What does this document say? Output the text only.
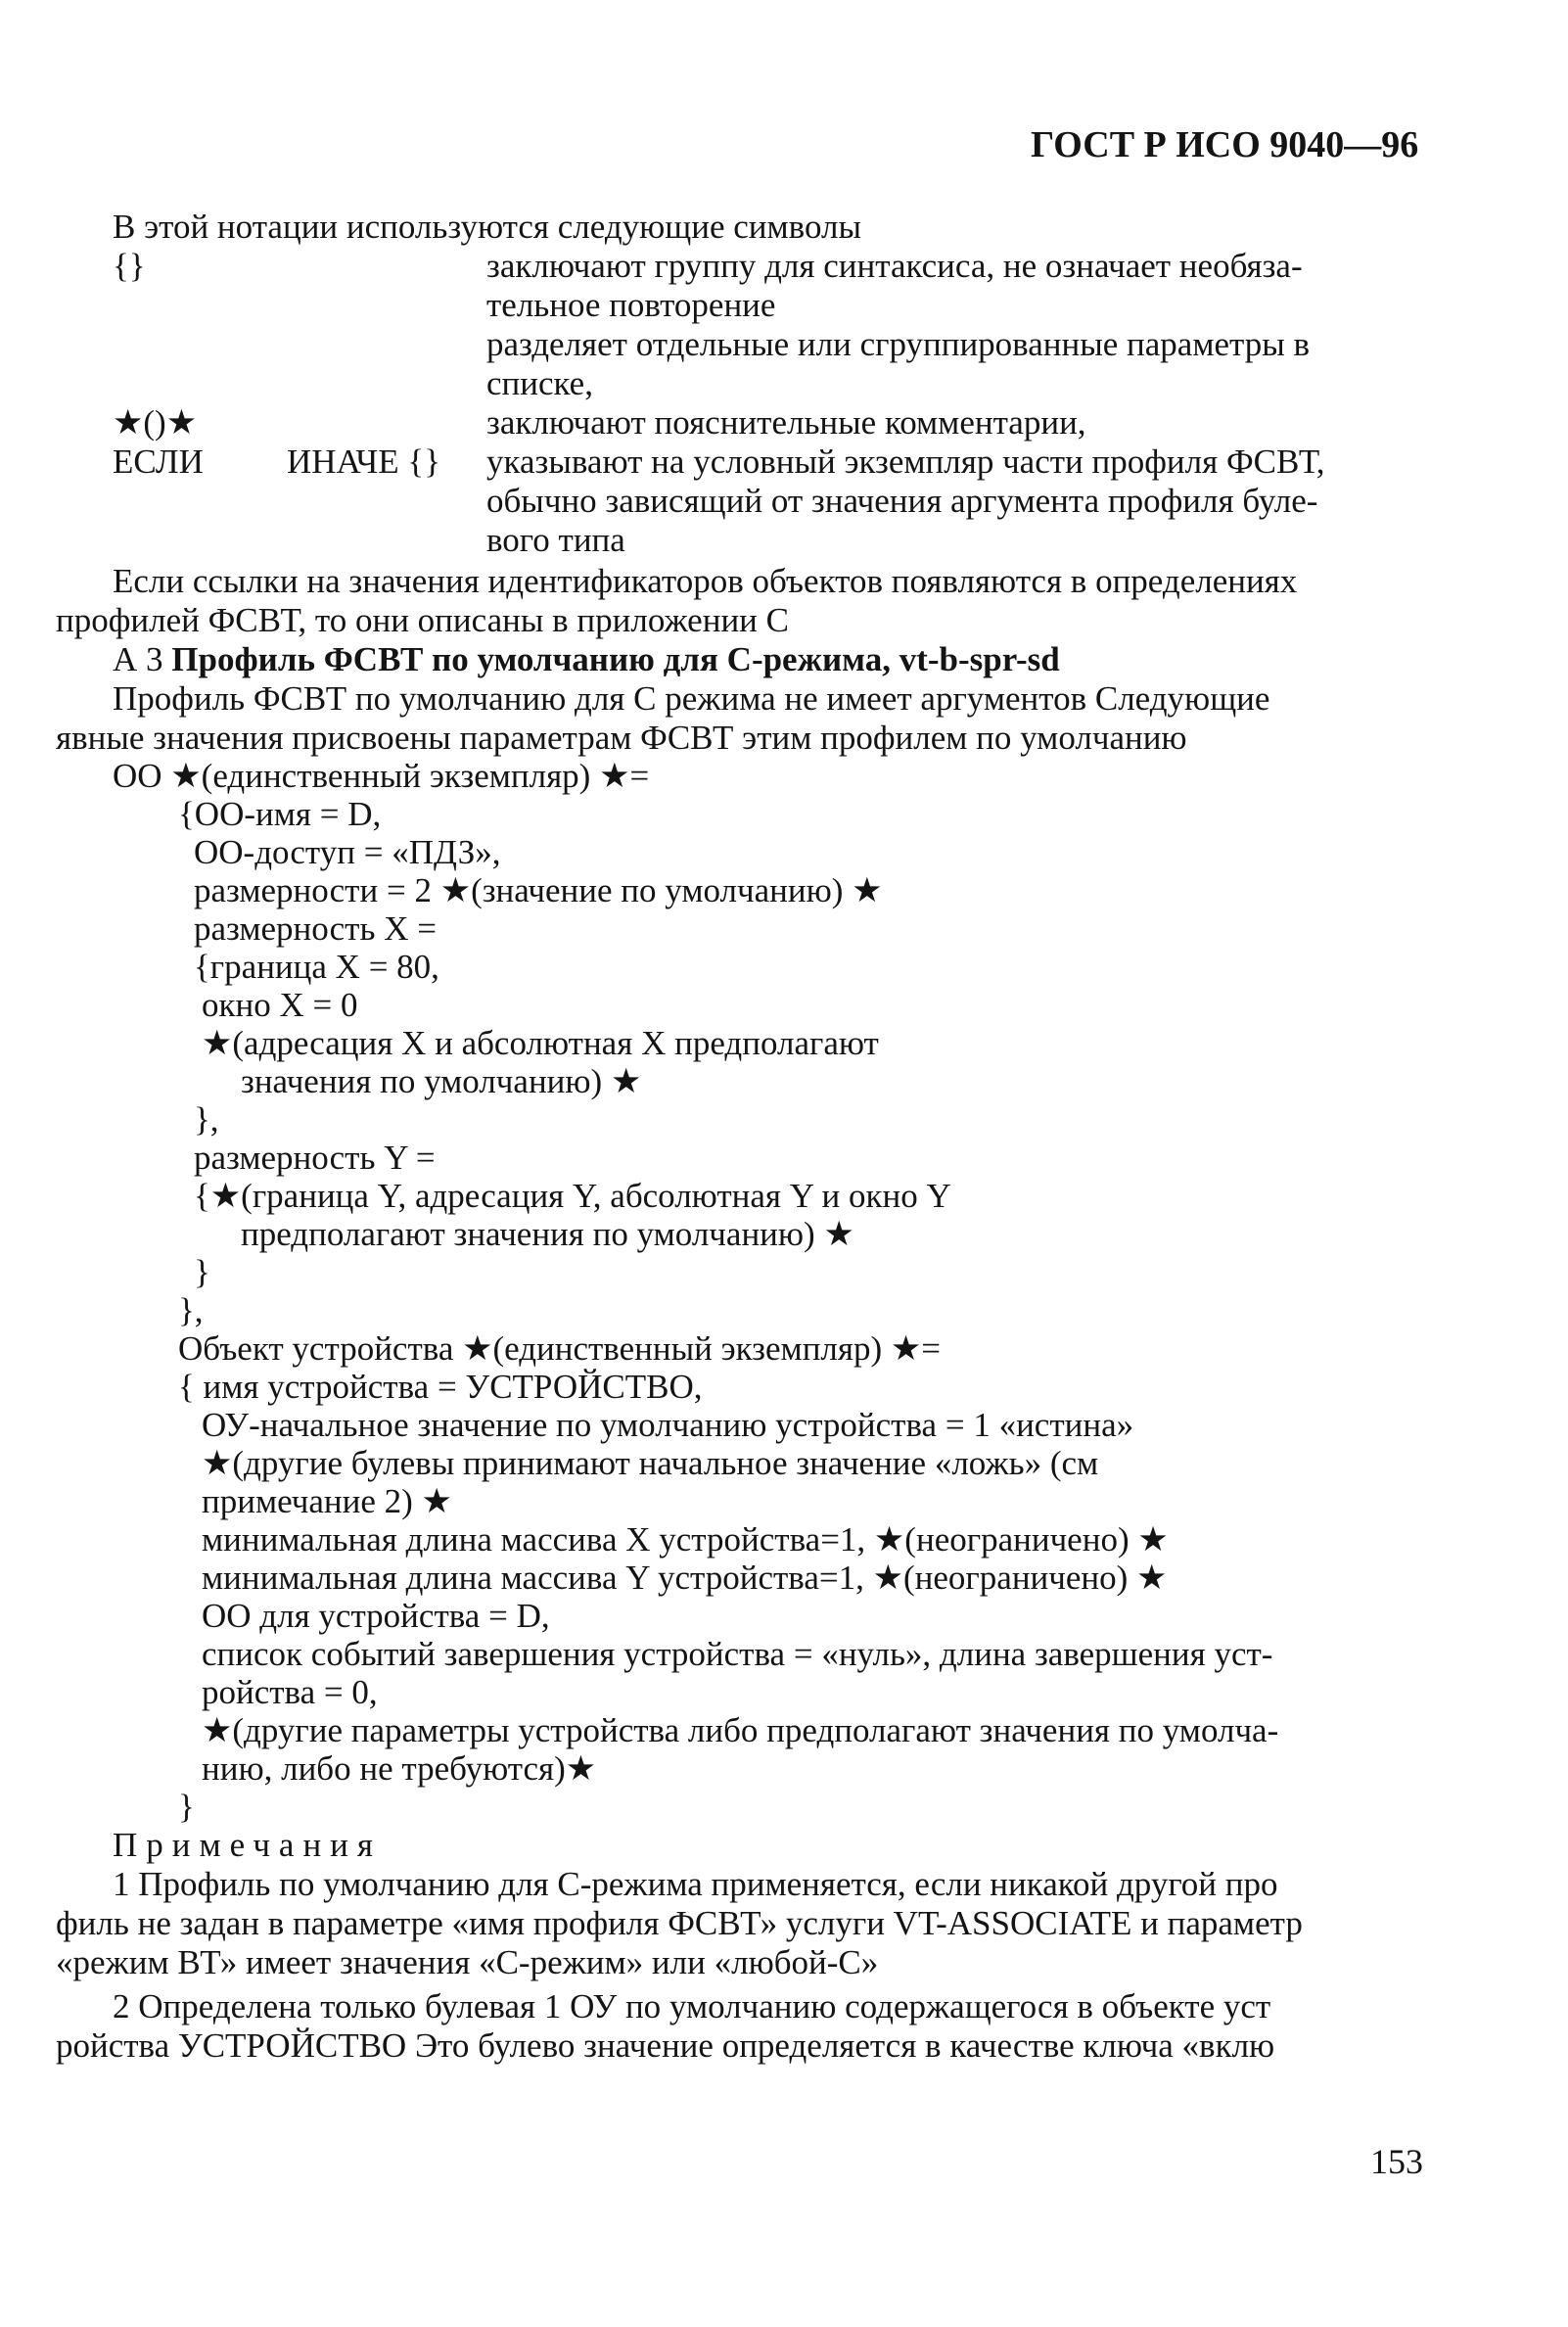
ГОСТ Р ИСО 9040—96
В этой нотации используются следующие символы
{}	заключают группу для синтаксиса, не означает необяза-
тельное повторение
разделяет отдельные или сгруппированные параметры в
списке,
★()★	заключают пояснительные комментарии,
ЕСЛИ ИНАЧЕ {} указывают на условный экземпляр части профиля ФСВТ,
обычно зависящий от значения аргумента профиля буле-
вого типа
Если ссылки на значения идентификаторов объектов появляются в определениях
профилей ФСВТ, то они описаны в приложении С
А 3 Профиль ФСВТ по умолчанию для С-режима, vt-b-spr-sd
Профиль ФСВТ по умолчанию для С режима не имеет аргументов Следующие
явные значения присвоены параметрам ФСВТ этим профилем по умолчанию
ОО ★(единственный экземпляр) ★=
{ОО-имя = D,
ОО-доступ = «ПДЗ»,
размерности = 2 ★(значение по умолчанию) ★
размерность X =
{граница X = 80,
окно X = 0
★(адресация X и абсолютная X предполагают
значения по умолчанию) ★
},
размерность Y =
{★(граница Y, адресация Y, абсолютная Y и окно Y
предполагают значения по умолчанию) ★
}
},
Объект устройства ★(единственный экземпляр) ★=
{ имя устройства = УСТРОЙСТВО,
ОУ-начальное значение по умолчанию устройства = 1 «истина»
★(другие булевы принимают начальное значение «ложь» (см
примечание 2) ★
минимальная длина массива X устройства=1, ★(неограничено) ★
минимальная длина массива Y устройства=1, ★(неограничено) ★
ОО для устройства = D,
список событий завершения устройства = «нуль», длина завершения уст-
ройства = 0,
★(другие параметры устройства либо предполагают значения по умолча-
нию, либо не требуются)★
}
Примечания
1 Профиль по умолчанию для С-режима применяется, если никакой другой про
филь не задан в параметре «имя профиля ФСВТ» услуги VT-ASSOCIATE и параметр
«режим ВТ» имеет значения «С-режим» или «любой-С»
2 Определена только булевая 1 ОУ по умолчанию содержащегося в объекте уст
ройства УСТРОЙСТВО Это булево значение определяется в качестве ключа «вклю
153
